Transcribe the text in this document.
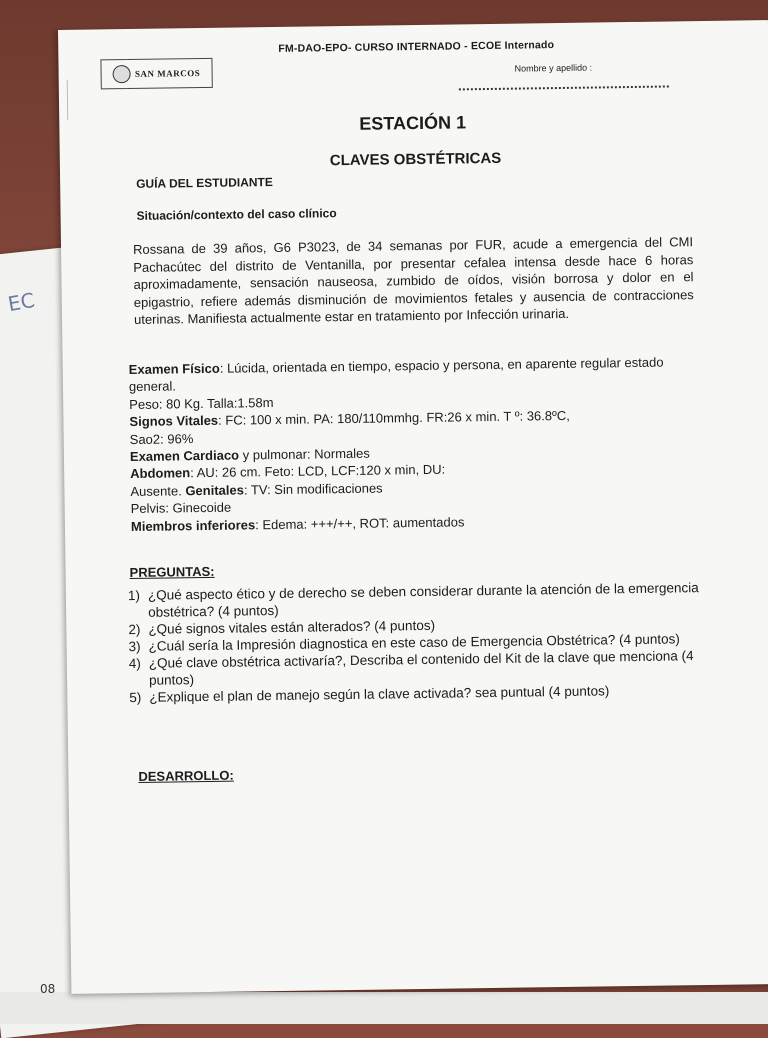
EC
08
SAN MARCOS
FM-DAO-EPO- CURSO INTERNADO - ECOE Internado
Nombre y apellido :
ESTACIÓN 1
CLAVES OBSTÉTRICAS
GUÍA DEL ESTUDIANTE
Situación/contexto del caso clínico
Rossana de 39 años, G6 P3023, de 34 semanas por FUR, acude a emergencia del CMI Pachacútec del distrito de Ventanilla, por presentar cefalea intensa desde hace 6 horas aproximadamente, sensación nauseosa, zumbido de oídos, visión borrosa y dolor en el epigastrio, refiere además disminución de movimientos fetales y ausencia de contracciones uterinas. Manifiesta actualmente estar en tratamiento por Infección urinaria.
Examen Físico: Lúcida, orientada en tiempo, espacio y persona, en aparente regular estado general.
Peso: 80 Kg. Talla:1.58m
Signos Vitales: FC: 100 x min. PA: 180/110mmhg. FR:26 x min. T º: 36.8ºC,
Sao2: 96%
Examen Cardiaco y pulmonar: Normales
Abdomen: AU: 26 cm. Feto: LCD, LCF:120 x min, DU:
Ausente. Genitales: TV: Sin modificaciones
Pelvis: Ginecoide
Miembros inferiores: Edema: +++/++, ROT: aumentados
PREGUNTAS:
1) ¿Qué aspecto ético y de derecho se deben considerar durante la atención de la emergencia obstétrica? (4 puntos)
2) ¿Qué signos vitales están alterados? (4 puntos)
3) ¿Cuál sería la Impresión diagnostica en este caso de Emergencia Obstétrica? (4 puntos)
4) ¿Qué clave obstétrica activaría?, Describa el contenido del Kit de la clave que menciona (4 puntos)
5) ¿Explique el plan de manejo según la clave activada? sea puntual (4 puntos)
DESARROLLO:
